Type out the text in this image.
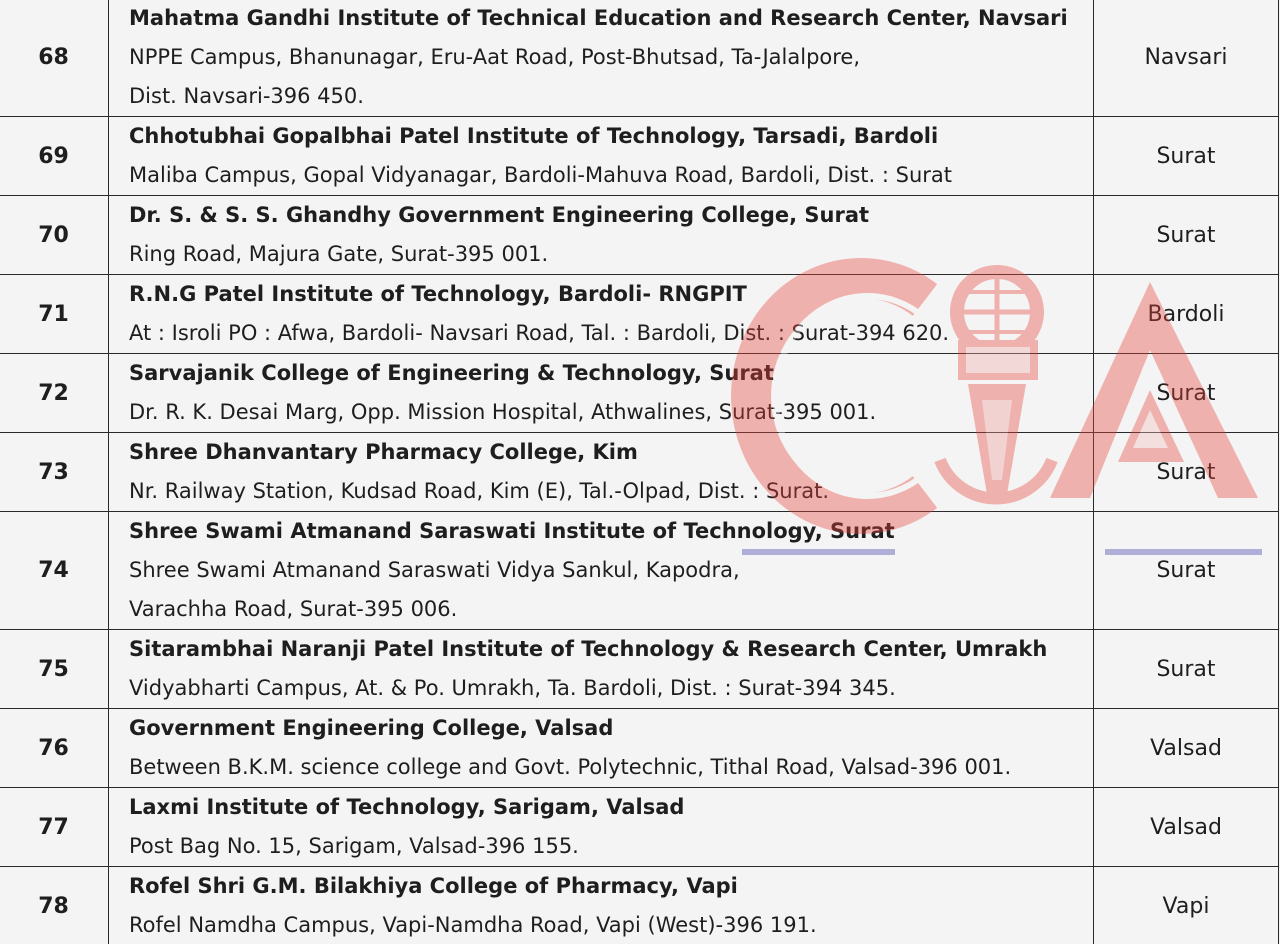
68	Mahatma Gandhi Institute of Technical Education and Research Center, Navsari
NPPE Campus, Bhanunagar, Eru-Aat Road, Post-Bhutsad, Ta-Jalalpore,
Dist. Navsari-396 450.	Navsari
69	Chhotubhai Gopalbhai Patel Institute of Technology, Tarsadi, Bardoli
Maliba Campus, Gopal Vidyanagar, Bardoli-Mahuva Road, Bardoli, Dist. : Surat	Surat
70	Dr. S. & S. S. Ghandhy Government Engineering College, Surat
Ring Road, Majura Gate, Surat-395 001.	Surat
71	R.N.G Patel Institute of Technology, Bardoli- RNGPIT
At : Isroli PO : Afwa, Bardoli- Navsari Road, Tal. : Bardoli, Dist. : Surat-394 620.	Bardoli
72	Sarvajanik College of Engineering & Technology, Surat
Dr. R. K. Desai Marg, Opp. Mission Hospital, Athwalines, Surat-395 001.	Surat
73	Shree Dhanvantary Pharmacy College, Kim
Nr. Railway Station, Kudsad Road, Kim (E), Tal.-Olpad, Dist. : Surat.	Surat
74	Shree Swami Atmanand Saraswati Institute of Technology, Surat
Shree Swami Atmanand Saraswati Vidya Sankul, Kapodra,
Varachha Road, Surat-395 006.	Surat
75	Sitarambhai Naranji Patel Institute of Technology & Research Center, Umrakh
Vidyabharti Campus, At. & Po. Umrakh, Ta. Bardoli, Dist. : Surat-394 345.	Surat
76	Government Engineering College, Valsad
Between B.K.M. science college and Govt. Polytechnic, Tithal Road, Valsad-396 001.	Valsad
77	Laxmi Institute of Technology, Sarigam, Valsad
Post Bag No. 15, Sarigam, Valsad-396 155.	Valsad
78	Rofel Shri G.M. Bilakhiya College of Pharmacy, Vapi
Rofel Namdha Campus, Vapi-Namdha Road, Vapi (West)-396 191.	Vapi
